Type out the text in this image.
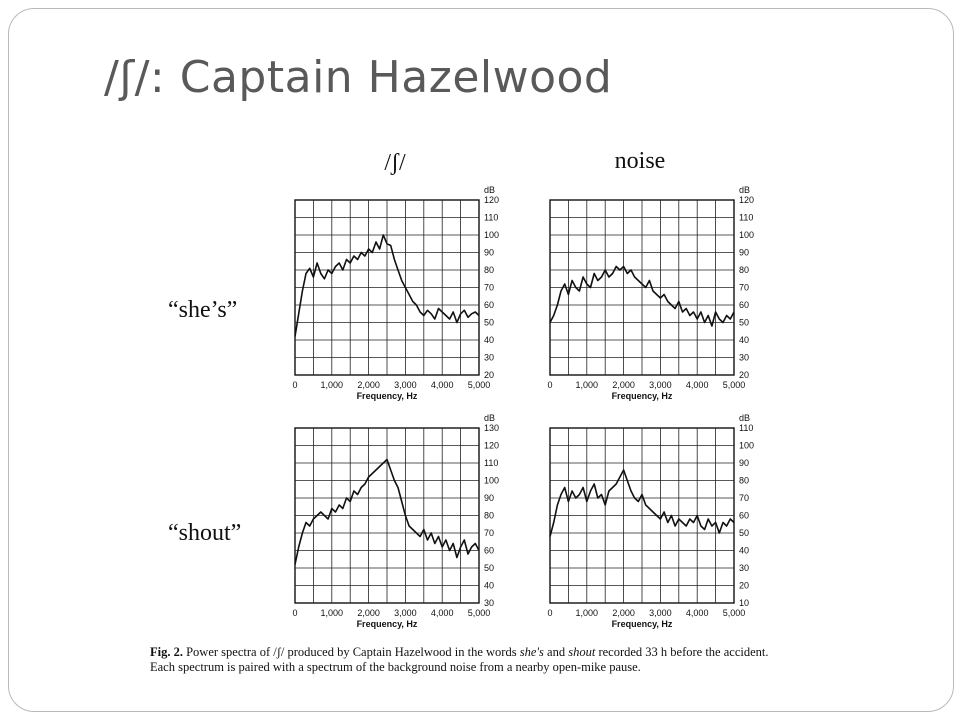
/ʃ/: Captain Hazelwood
/ʃ/	noise
“she’s”
“shout”
20
30
40
50
60
70
80
90
100
110
120
dB
0	1,000 2,000 3,000 4,000 5,000
Frequency, Hz
20
30
40
50
60
70
80
90
100
110
120
dB
0	1,000 2,000 3,000 4,000 5,000
Frequency, Hz
30
40
50
60
70
80
90
100
110
120
130
dB
0	1,000 2,000 3,000 4,000 5,000
Frequency, Hz
10
20
30
40
50
60
70
80
90
100
110
dB
0	1,000 2,000 3,000 4,000 5,000
Frequency, Hz

Fig. 2. Power spectra of /ʃ/ produced by Captain Hazelwood in the words she's and shout recorded 33 h before the accident. Each spectrum is paired with a spectrum of the background noise from a nearby open-mike pause.
